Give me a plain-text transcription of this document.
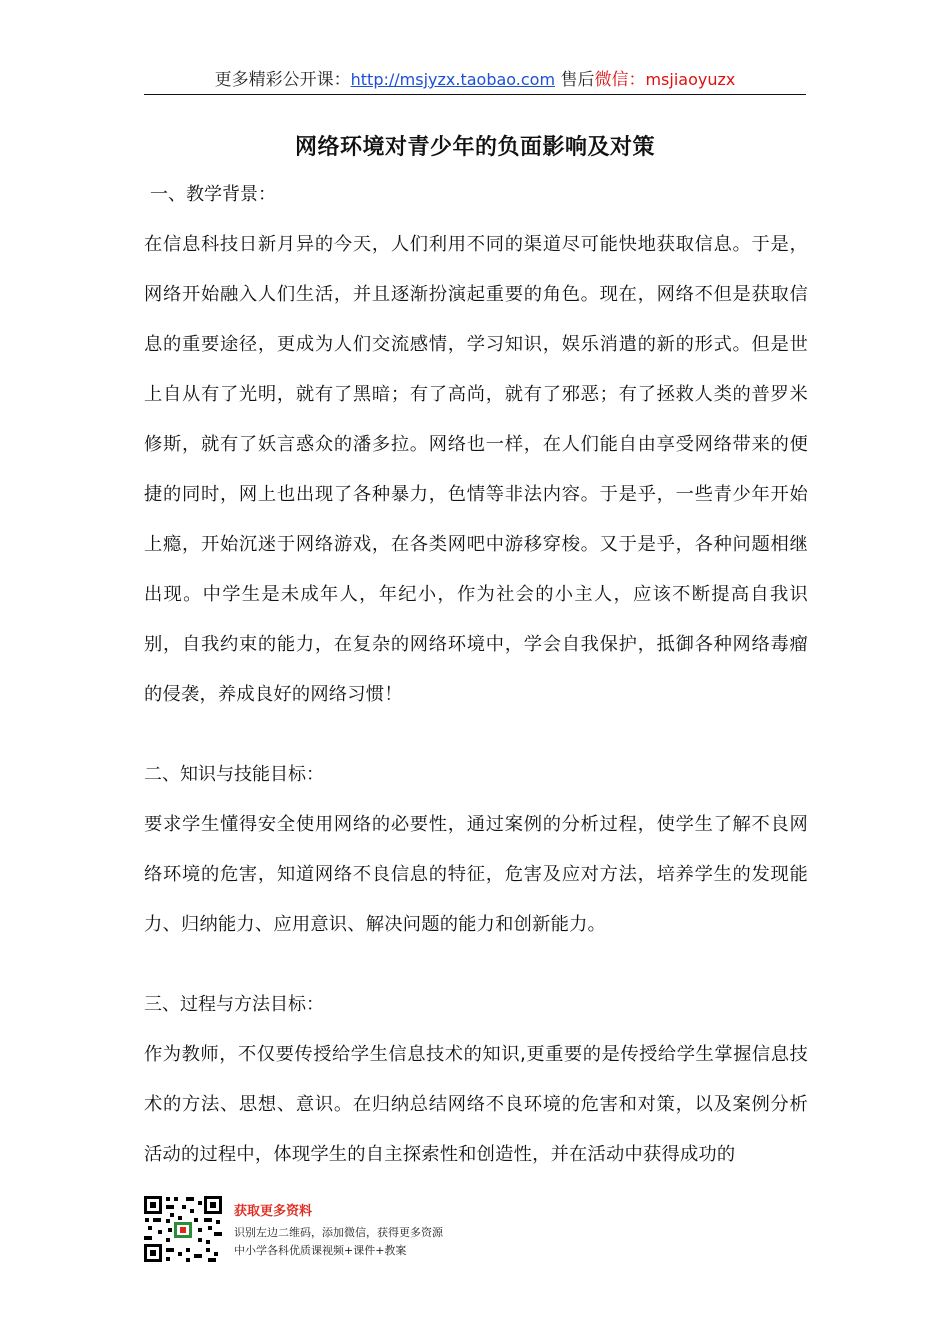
更多精彩公开课：http://msjyzx.taobao.com 售后微信：msjiaoyuzx
网络环境对青少年的负面影响及对策

一、教学背景：

在信息科技日新月异的今天，人们利用不同的渠道尽可能快地获取信息。于是，网络开始融入人们生活，并且逐渐扮演起重要的角色。现在，网络不但是获取信息的重要途径，更成为人们交流感情，学习知识，娱乐消遣的新的形式。但是世上自从有了光明，就有了黑暗；有了高尚，就有了邪恶；有了拯救人类的普罗米修斯，就有了妖言惑众的潘多拉。网络也一样，在人们能自由享受网络带来的便捷的同时，网上也出现了各种暴力，色情等非法内容。于是乎，一些青少年开始上瘾，开始沉迷于网络游戏，在各类网吧中游移穿梭。又于是乎，各种问题相继出现。中学生是未成年人，年纪小，作为社会的小主人，应该不断提高自我识别，自我约束的能力，在复杂的网络环境中，学会自我保护，抵御各种网络毒瘤的侵袭，养成良好的网络习惯！

二、知识与技能目标：

要求学生懂得安全使用网络的必要性，通过案例的分析过程，使学生了解不良网络环境的危害，知道网络不良信息的特征，危害及应对方法，培养学生的发现能力、归纳能力、应用意识、解决问题的能力和创新能力。

三、过程与方法目标：

作为教师，不仅要传授给学生信息技术的知识,更重要的是传授给学生掌握信息技术的方法、思想、意识。在归纳总结网络不良环境的危害和对策，以及案例分析活动的过程中，体现学生的自主探索性和创造性，并在活动中获得成功的

获取更多资料
识别左边二维码，添加微信，获得更多资源
中小学各科优质课视频+课件+教案
